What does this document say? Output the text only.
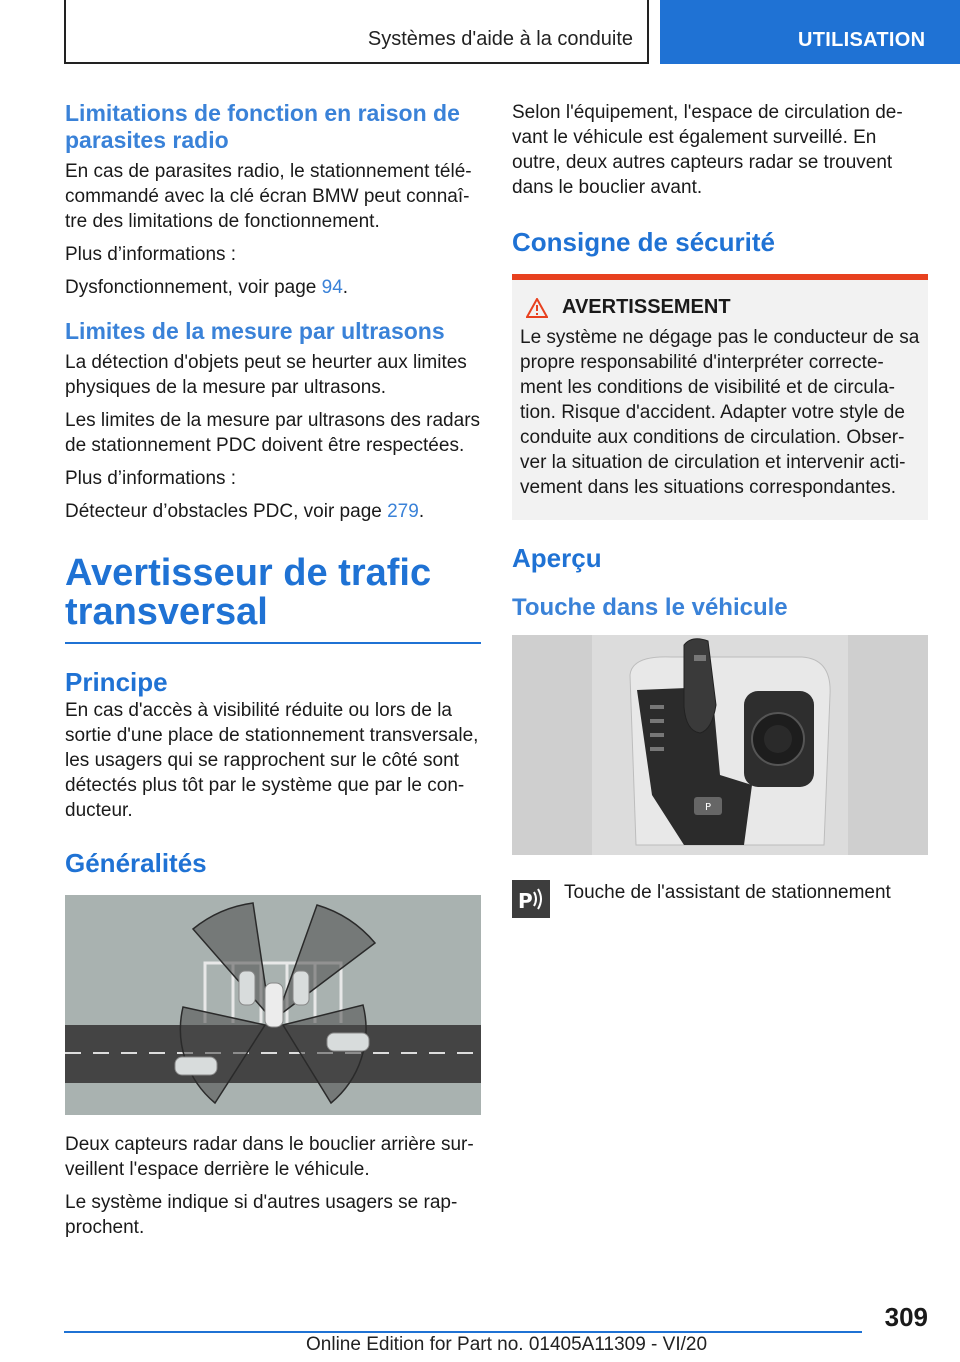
Systèmes d'aide à la conduite	UTILISATION
Limitations de fonction en raison de parasites radio

En cas de parasites radio, le stationnement télé-commandé avec la clé écran BMW peut connaî-tre des limitations de fonctionnement.

Plus d’informations :

Dysfonctionnement, voir page 94.

Limites de la mesure par ultrasons

La détection d'objets peut se heurter aux limites physiques de la mesure par ultrasons.

Les limites de la mesure par ultrasons des radars de stationnement PDC doivent être respectées.

Plus d’informations :

Détecteur d’obstacles PDC, voir page 279.

Avertisseur de trafic transversal
Principe

En cas d'accès à visibilité réduite ou lors de la sortie d'une place de stationnement transversale, les usagers qui se rapprochent sur le côté sont détectés plus tôt par le système que par le con-ducteur.

Généralités

Deux capteurs radar dans le bouclier arrière sur-veillent l'espace derrière le véhicule.

Le système indique si d'autres usagers se rap-prochent.

Selon l'équipement, l'espace de circulation de-vant le véhicule est également surveillé. En outre, deux autres capteurs radar se trouvent dans le bouclier avant.

Consigne de sécurité
AVERTISSEMENT

Le système ne dégage pas le conducteur de sa propre responsabilité d'interpréter correcte-ment les conditions de visibilité et de circula-tion. Risque d'accident. Adapter votre style de conduite aux conditions de circulation. Obser-ver la situation de circulation et intervenir acti-vement dans les situations correspondantes.

Aperçu
Touche dans le véhicule
P
P Touche de l'assistant de stationnement

309
Online Edition for Part no. 01405A11309 - VI/20
